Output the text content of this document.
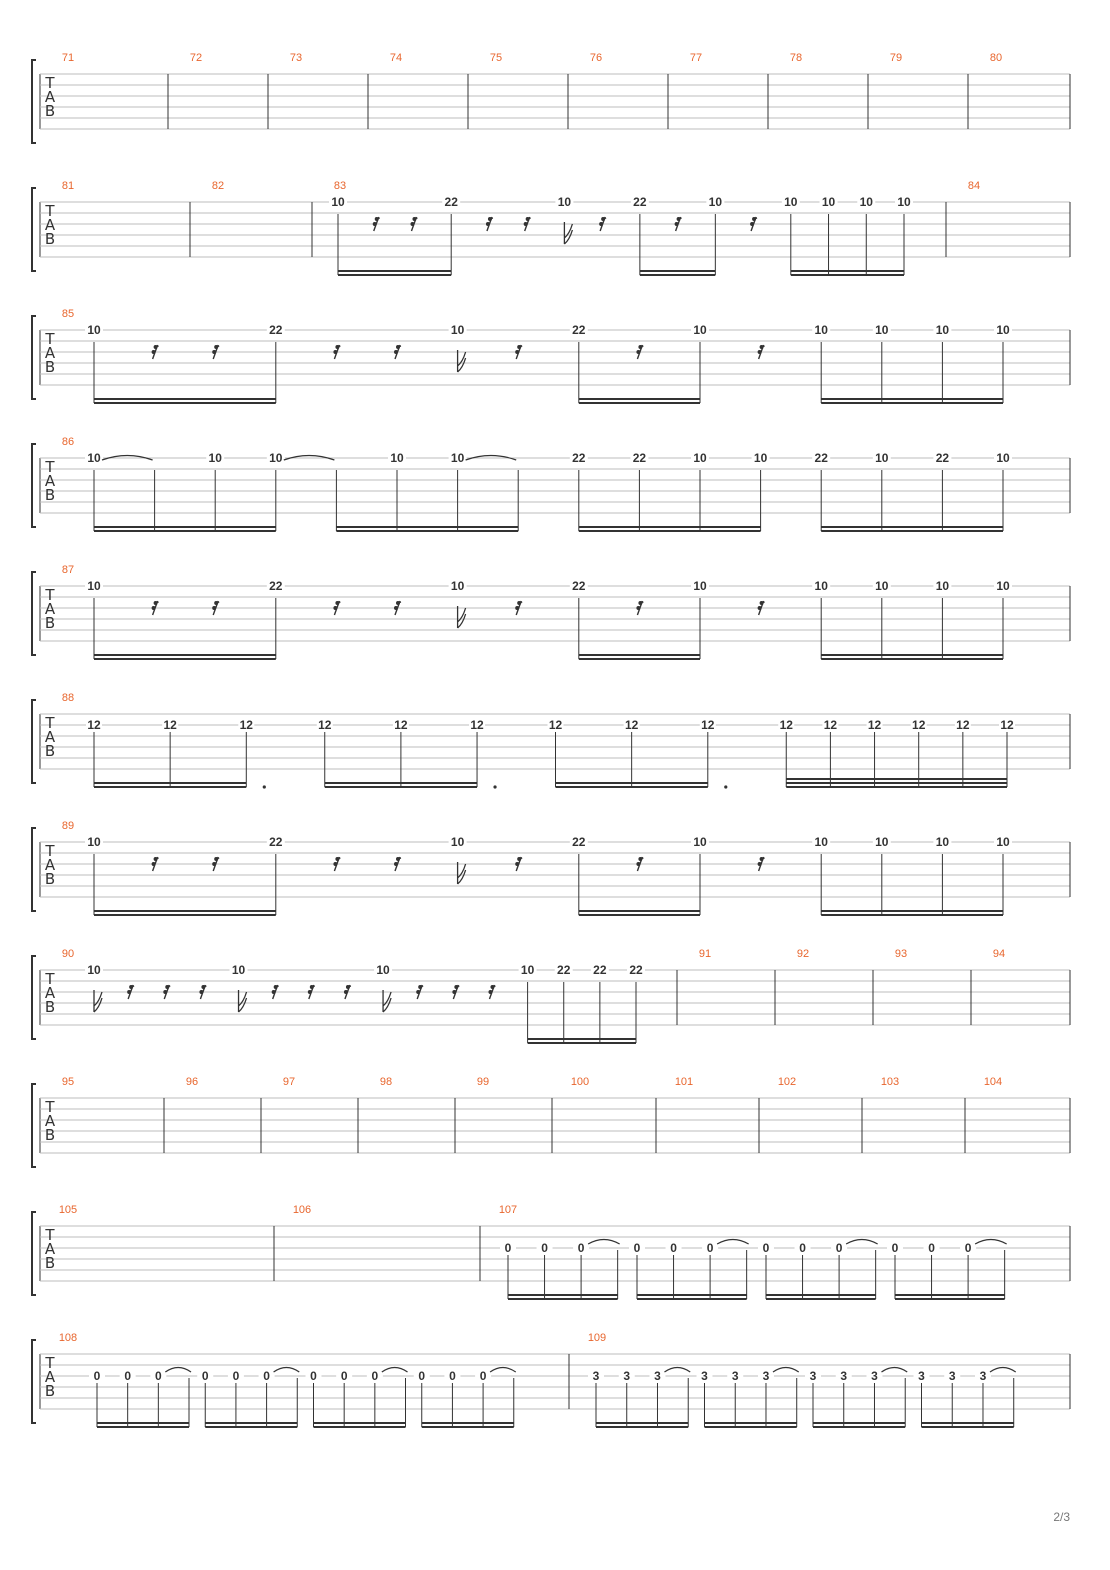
T
A
B
71	72	73	74	75	76	77	78	79	80
T
A
B
81	82	83
10	22	10	22	10	10 10 10 10
84
T
A
B
85
10	22	10	22	10	10	10	10	10
T
A
B
86
10	10	10	10	10	22	22	10	10	22	10	22	10
T
A
B
87
10	22	10	22	10	10	10	10	10
T
A
B
88
12	12	12	12	12	12	12	12	12	12	12	12	12	12	12
T
A
B
89
10	22	10	22	10	10	10	10	10
T
A
B
90
10	10	10	10 22 22 22
91	92	93	94
T
A
B
95	96	97	98	99	100	101	102	103	104
T
A
B
105	106	107
0 0 0	0 0 0	0 0 0	0 0 0
T
A
B
108
0 0 0	0 0 0	0 0 0	0 0 0
109
3 3 3	3 3 3	3 3 3	3 3 3
2/3
